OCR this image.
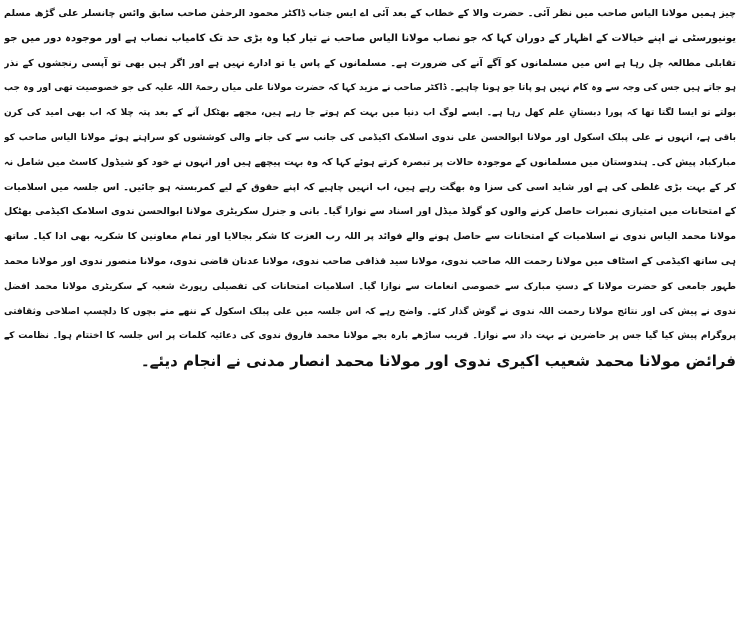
چیز ہمیں مولانا الیاس صاحب میں نظر آئی۔ حضرت والا کے خطاب کے بعد آئی اے ایس جناب ڈاکٹر محمود الرحمٰن صاحب سابق وائس چانسلر علی گڑھ مسلم
یونیورسٹی نے اپنے خیالات کے اظہار کے دوران کہا کہ جو نصاب مولانا الیاس صاحب نے تیار کیا وہ بڑی حد تک کامیاب نصاب ہے اور موجودہ دور میں جو
تقابلی مطالعہ چل رہا ہے اس میں مسلمانوں کو آگے آنے کی ضرورت ہے۔ مسلمانوں کے پاس یا تو ادارے نہیں ہے اور اگر ہیں بھی تو آپسی رنجشوں کے نذر
ہو جاتے ہیں جس کی وجہ سے وہ کام نہیں ہو پاتا جو ہونا چاہیے۔ ڈاکٹر صاحب نے مزید کہا کہ حضرت مولانا علی میاں رحمۃ اللہ علیہ کی جو خصوصیت تھی اور وہ جب
بولتے تو ایسا لگتا تھا کہ پورا دبستانِ علم کھل رہا ہے۔ ایسے لوگ اب دنیا میں بہت کم ہوتے جا رہے ہیں، مجھے بھٹکل آنے کے بعد پتہ چلا کہ اب بھی امید کی کرن
باقی ہے، انہوں نے علی پبلک اسکول اور مولانا ابوالحسن علی ندوی اسلامک اکیڈمی کی جانب سے کی جانے والی کوششوں کو سراہتے ہوئے مولانا الیاس صاحب کو
مبارکباد پیش کی۔ ہندوستان میں مسلمانوں کے موجودہ حالات پر تبصرہ کرتے ہوئے کہا کہ وہ بہت پیچھے ہیں اور انہوں نے خود کو شیڈول کاسٹ میں شامل نہ
کر کے بہت بڑی غلطی کی ہے اور شاید اسی کی سزا وہ بھگت رہے ہیں، اب انہیں چاہیے کہ اپنے حقوق کے لیے کمربستہ ہو جائیں۔ اس جلسہ میں اسلامیات
کے امتحانات میں امتیازی نمبرات حاصل کرنے والوں کو گولڈ میڈل اور اسناد سے نوازا گیا۔ بانی و جنرل سکریٹری مولانا ابوالحسن ندوی اسلامک اکیڈمی بھٹکل
مولانا محمد الیاس ندوی نے اسلامیات کے امتحانات سے حاصل ہونے والے فوائد پر اللہ رب العزت کا شکر بجالایا اور تمام معاونین کا شکریہ بھی ادا کیا۔ ساتھ
ہی ساتھ اکیڈمی کے اسٹاف میں مولانا رحمت اللہ صاحب ندوی، مولانا سید قذافی صاحب ندوی، مولانا عدنان قاضی ندوی، مولانا منصور ندوی اور مولانا محمد
طہور جامعی کو حضرت مولانا کے دستِ مبارک سے خصوصی انعامات سے نوازا گیا۔ اسلامیات امتحانات کی تفصیلی رپورٹ شعبہ کے سکریٹری مولانا محمد افضل
ندوی نے پیش کی اور نتائج مولانا رحمت اللہ ندوی نے گوش گذار کئے۔ واضح رہے کہ اس جلسہ میں علی پبلک اسکول کے ننھے منے بچوں کا دلچسپ اصلاحی وثقافتی
پروگرام پیش کیا گیا جس پر حاضرین نے بہت داد سے نوازا۔ قریب ساڑھے بارہ بجے مولانا محمد فاروق ندوی کی دعائیہ کلمات پر اس جلسہ کا اختتام ہوا۔ نظامت کے
فرائض مولانا محمد شعیب اکیری ندوی اور مولانا محمد انصار مدنی نے انجام دیئے۔
